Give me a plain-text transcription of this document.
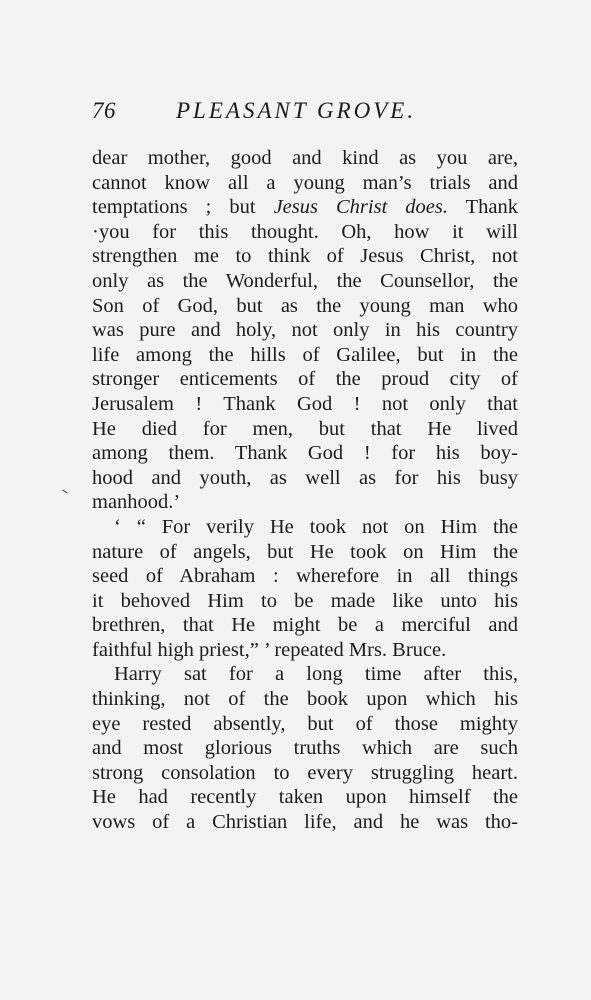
76	PLEASANT GROVE.
dear mother, good and kind as you are,
cannot know all a young man’s trials and
temptations ; but Jesus Christ does. Thank
·you for this thought. Oh, how it will
strengthen me to think of Jesus Christ, not
only as the Wonderful, the Counsellor, the
Son of God, but as the young man who
was pure and holy, not only in his country
life among the hills of Galilee, but in the
stronger enticements of the proud city of
Jerusalem ! Thank God ! not only that
He died for men, but that He lived
among them. Thank God ! for his boy-
hood and youth, as well as for his busy
manhood.’
‘ “ For verily He took not on Him the
nature of angels, but He took on Him the
seed of Abraham : wherefore in all things
it behoved Him to be made like unto his
brethren, that He might be a merciful and
faithful high priest,” ’ repeated Mrs. Bruce.
Harry sat for a long time after this,
thinking, not of the book upon which his
eye rested absently, but of those mighty
and most glorious truths which are such
strong consolation to every struggling heart.
He had recently taken upon himself the
vows of a Christian life, and he was tho-
